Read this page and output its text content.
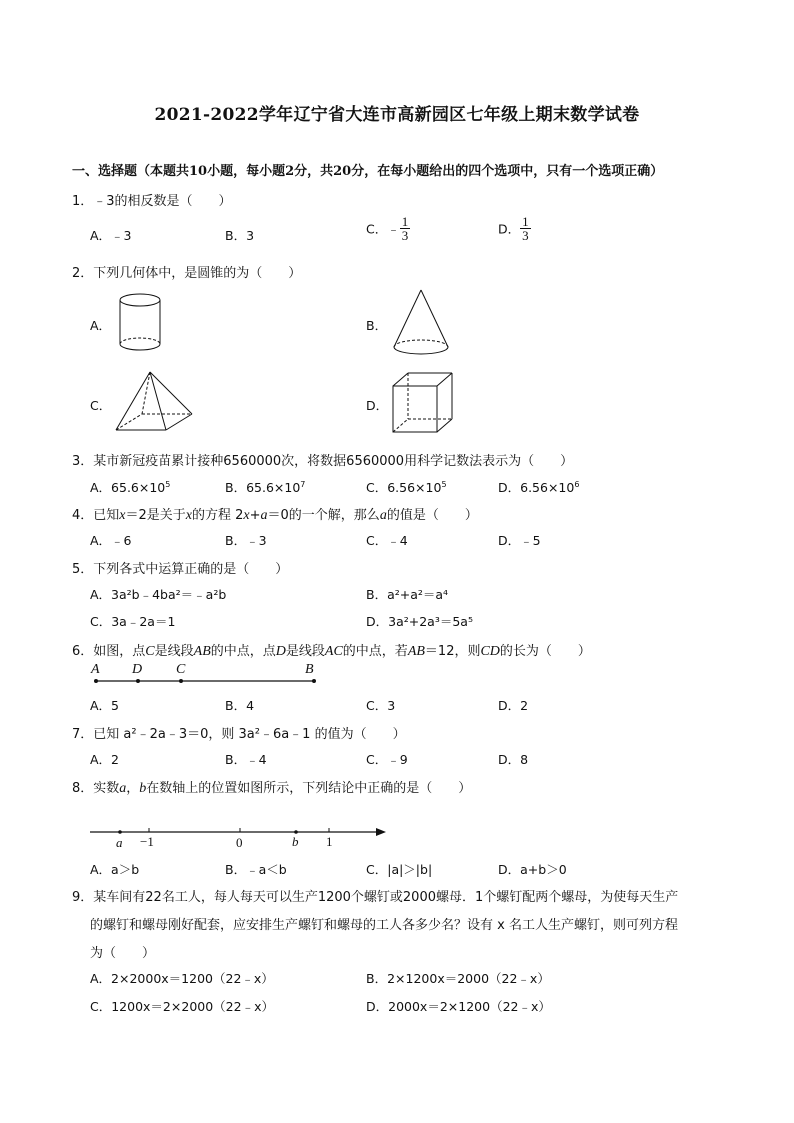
2021-2022学年辽宁省大连市高新园区七年级上期末数学试卷
一、选择题（本题共10小题，每小题2分，共20分，在每小题给出的四个选项中，只有一个选项正确）
1．﹣3的相反数是（　　）
A．﹣3	B．3	C．﹣ $\frac{1}{3}$	D． $\frac{1}{3}$
2．下列几何体中，是圆锥的为（　　）
A．	B．
C．	D．
3．某市新冠疫苗累计接种6560000次，将数据6560000用科学记数法表示为（　　）
A．$65.6\times 10^5$	B．$65.6\times 10^7$	C．$6.56\times 10^5$	D．$6.56\times 10^6$
4．已知x＝2是关于x的方程 2x+a＝0的一个解，那么a的值是（　　）
A．﹣6	B．﹣3	C．﹣4	D．﹣5
5．下列各式中运算正确的是（　　）
A．3a²b﹣4ba²＝﹣a²b	B．a²+a²＝a⁴
C．3a﹣2a＝1	D．3a²+2a³＝5a⁵
6．如图，点C是线段AB的中点，点D是线段AC的中点，若AB＝12，则CD的长为（　　）
A D C	B
A．5	B．4	C．3	D．2
7．已知 a²﹣2a﹣3＝0，则 3a²﹣6a﹣1 的值为（　　）
A．2	B．﹣4	C．﹣9	D．8
8．实数a，b在数轴上的位置如图所示，下列结论中正确的是（　　）
a −1	0	b 1
A．a＞b	B．﹣a＜b	C．|a|＞|b|	D．a+b＞0
9．某车间有22名工人，每人每天可以生产1200个螺钉或2000螺母．1个螺钉配两个螺母，为使每天生产
的螺钉和螺母刚好配套，应安排生产螺钉和螺母的工人各多少名？设有 x 名工人生产螺钉，则可列方程
为（　　）
A．2×2000x＝1200（22﹣x）	B．2×1200x＝2000（22﹣x）
C．1200x＝2×2000（22﹣x）	D．2000x＝2×1200（22﹣x）
